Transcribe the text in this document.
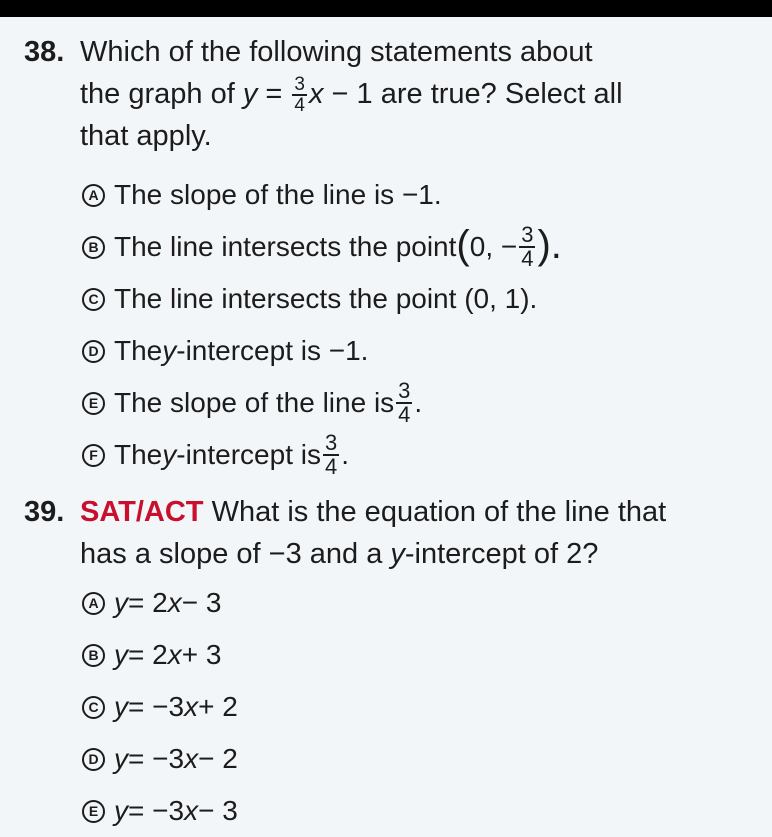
38. Which of the following statements about
the graph of $y = \frac{3}{4}$ x − 1 are true? Select all
that apply.
A The slope of the line is −1.
B The line intersects the point ( 0, − $\frac{3}{4}$ ).
C The line intersects the point (0, 1).
D The y -intercept is −1.
E The slope of the line is $\frac{3}{4}$ .
F The y -intercept is $\frac{3}{4}$ .
39. SAT/ACT What is the equation of the line that
has a slope of −3 and a y-intercept of 2?
A y = 2 x − 3
B y = 2 x + 3
C y = −3 x + 2
D y = −3 x − 2
E y = −3 x − 3
